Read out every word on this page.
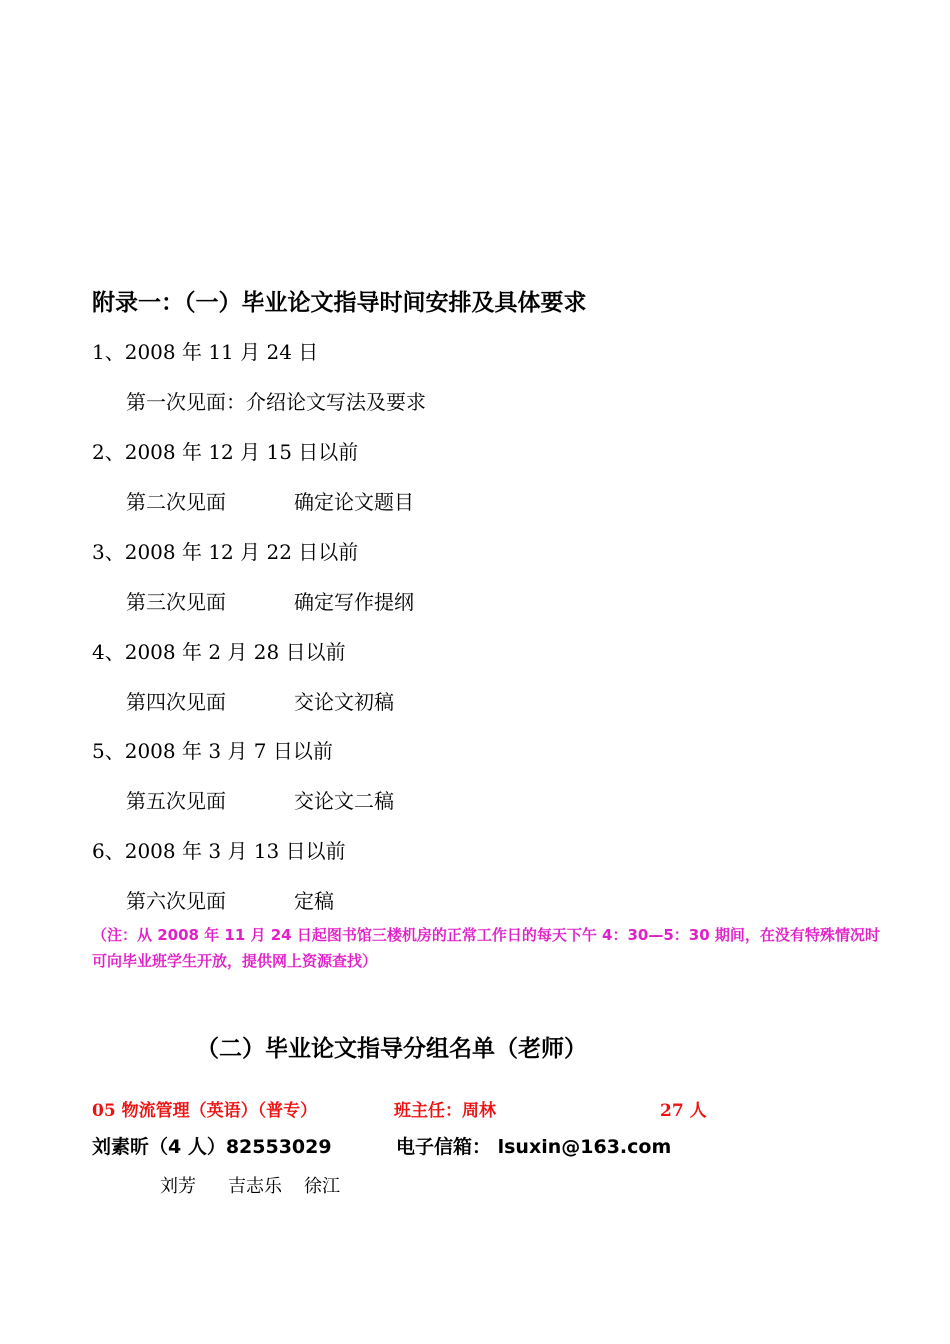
附录一：（一）毕业论文指导时间安排及具体要求
1、2008 年 11 月 24 日
第一次见面：介绍论文写法及要求
2、2008 年 12 月 15 日以前
第二次见面	确定论文题目
3、2008 年 12 月 22 日以前
第三次见面	确定写作提纲
4、2008 年 2 月 28 日以前
第四次见面	交论文初稿
5、2008 年 3 月 7 日以前
第五次见面	交论文二稿
6、2008 年 3 月 13 日以前
第六次见面	定稿
（注：从 2008 年 11 月 24 日起图书馆三楼机房的正常工作日的每天下午 4：30—5：30 期间，在没有特殊情况时可向毕业班学生开放，提供网上资源查找）
（二）毕业论文指导分组名单（老师）
05 物流管理（英语）（普专）	班主任：周林	27 人
刘素昕（4 人）82553029	电子信箱： lsuxin@163.com
刘芳 吉志乐 徐江
